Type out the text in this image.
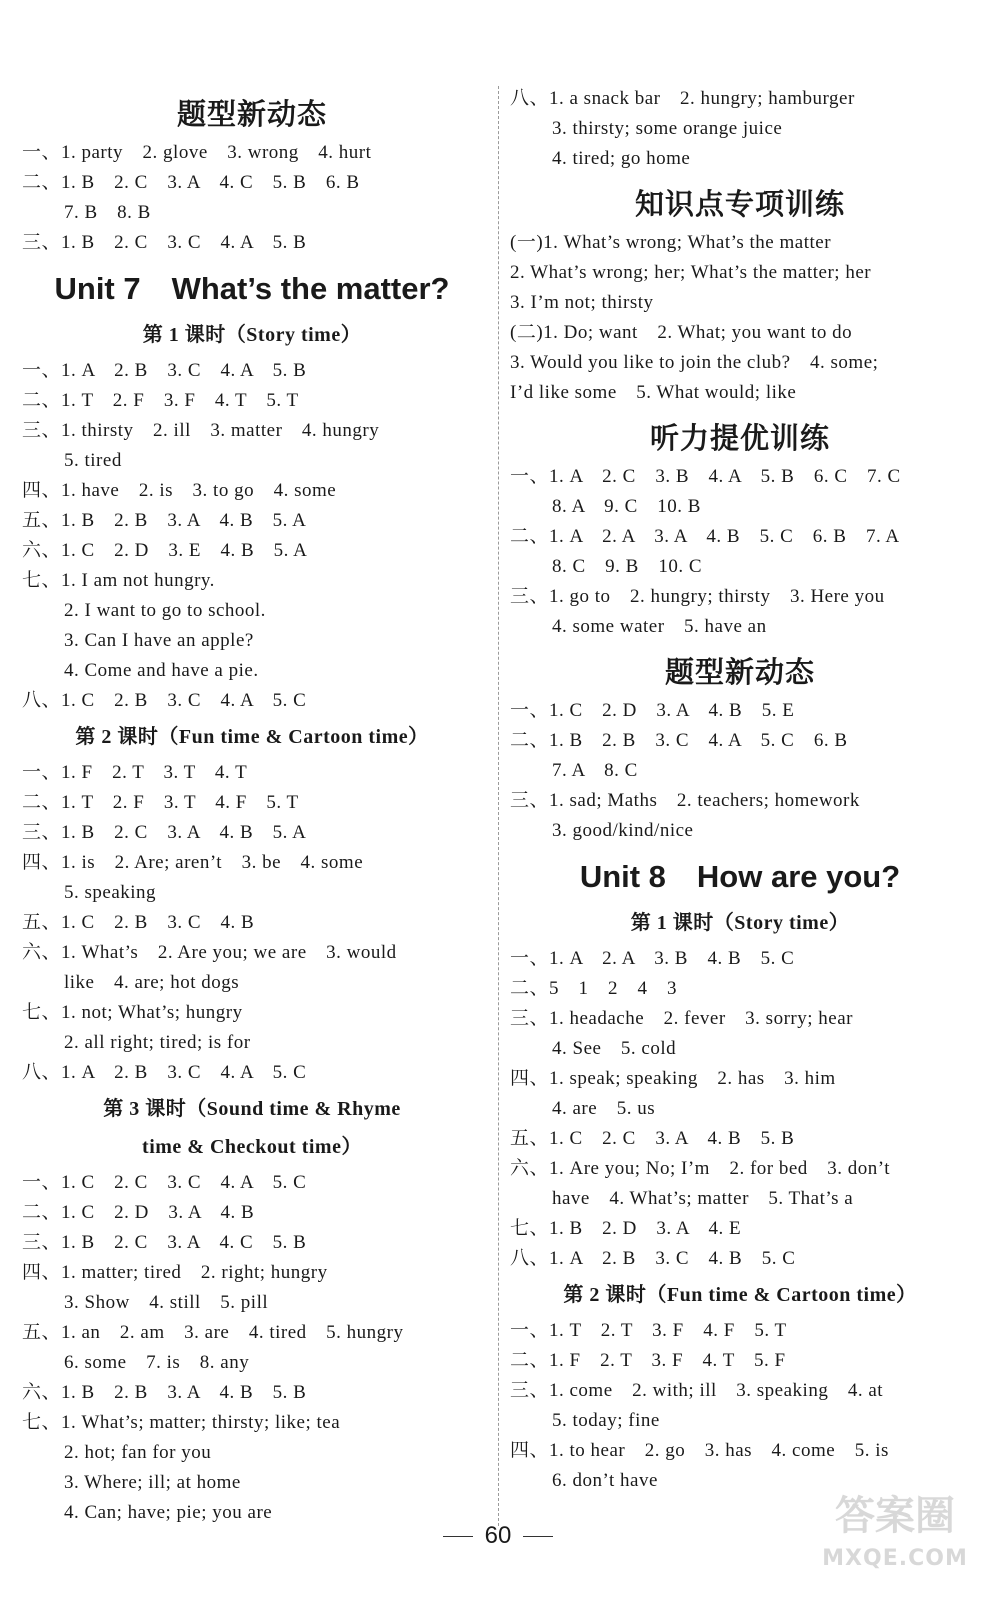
题型新动态
一、1. party　2. glove　3. wrong　4. hurt
二、1. B　2. C　3. A　4. C　5. B　6. B
7. B　8. B
三、1. B　2. C　3. C　4. A　5. B
Unit 7　What’s the matter?
第 1 课时（Story time）
一、1. A　2. B　3. C　4. A　5. B
二、1. T　2. F　3. F　4. T　5. T
三、1. thirsty　2. ill　3. matter　4. hungry
5. tired
四、1. have　2. is　3. to go　4. some
五、1. B　2. B　3. A　4. B　5. A
六、1. C　2. D　3. E　4. B　5. A
七、1. I am not hungry.
2. I want to go to school.
3. Can I have an apple?
4. Come and have a pie.
八、1. C　2. B　3. C　4. A　5. C
第 2 课时（Fun time & Cartoon time）
一、1. F　2. T　3. T　4. T
二、1. T　2. F　3. T　4. F　5. T
三、1. B　2. C　3. A　4. B　5. A
四、1. is　2. Are; aren’t　3. be　4. some
5. speaking
五、1. C　2. B　3. C　4. B
六、1. What’s　2. Are you; we are　3. would
like　4. are; hot dogs
七、1. not; What’s; hungry
2. all right; tired; is for
八、1. A　2. B　3. C　4. A　5. C
第 3 课时（Sound time & Rhyme
time & Checkout time）
一、1. C　2. C　3. C　4. A　5. C
二、1. C　2. D　3. A　4. B
三、1. B　2. C　3. A　4. C　5. B
四、1. matter; tired　2. right; hungry
3. Show　4. still　5. pill
五、1. an　2. am　3. are　4. tired　5. hungry
6. some　7. is　8. any
六、1. B　2. B　3. A　4. B　5. B
七、1. What’s; matter; thirsty; like; tea
2. hot; fan for you
3. Where; ill; at home
4. Can; have; pie; you are
八、1. a snack bar　2. hungry; hamburger
3. thirsty; some orange juice
4. tired; go home
知识点专项训练
(一)1. What’s wrong; What’s the matter
2. What’s wrong; her; What’s the matter; her
3. I’m not; thirsty
(二)1. Do; want　2. What; you want to do
3. Would you like to join the club?　4. some;
I’d like some　5. What would; like
听力提优训练
一、1. A　2. C　3. B　4. A　5. B　6. C　7. C
8. A　9. C　10. B
二、1. A　2. A　3. A　4. B　5. C　6. B　7. A
8. C　9. B　10. C
三、1. go to　2. hungry; thirsty　3. Here you
4. some water　5. have an
题型新动态
一、1. C　2. D　3. A　4. B　5. E
二、1. B　2. B　3. C　4. A　5. C　6. B
7. A　8. C
三、1. sad; Maths　2. teachers; homework
3. good/kind/nice
Unit 8　How are you?
第 1 课时（Story time）
一、1. A　2. A　3. B　4. B　5. C
二、5　1　2　4　3
三、1. headache　2. fever　3. sorry; hear
4. See　5. cold
四、1. speak; speaking　2. has　3. him
4. are　5. us
五、1. C　2. C　3. A　4. B　5. B
六、1. Are you; No; I’m　2. for bed　3. don’t
have　4. What’s; matter　5. That’s a
七、1. B　2. D　3. A　4. E
八、1. A　2. B　3. C　4. B　5. C
第 2 课时（Fun time & Cartoon time）
一、1. T　2. T　3. F　4. F　5. T
二、1. F　2. T　3. F　4. T　5. F
三、1. come　2. with; ill　3. speaking　4. at
5. today; fine
四、1. to hear　2. go　3. has　4. come　5. is
6. don’t have
60	答案圈
MXQE.COM
